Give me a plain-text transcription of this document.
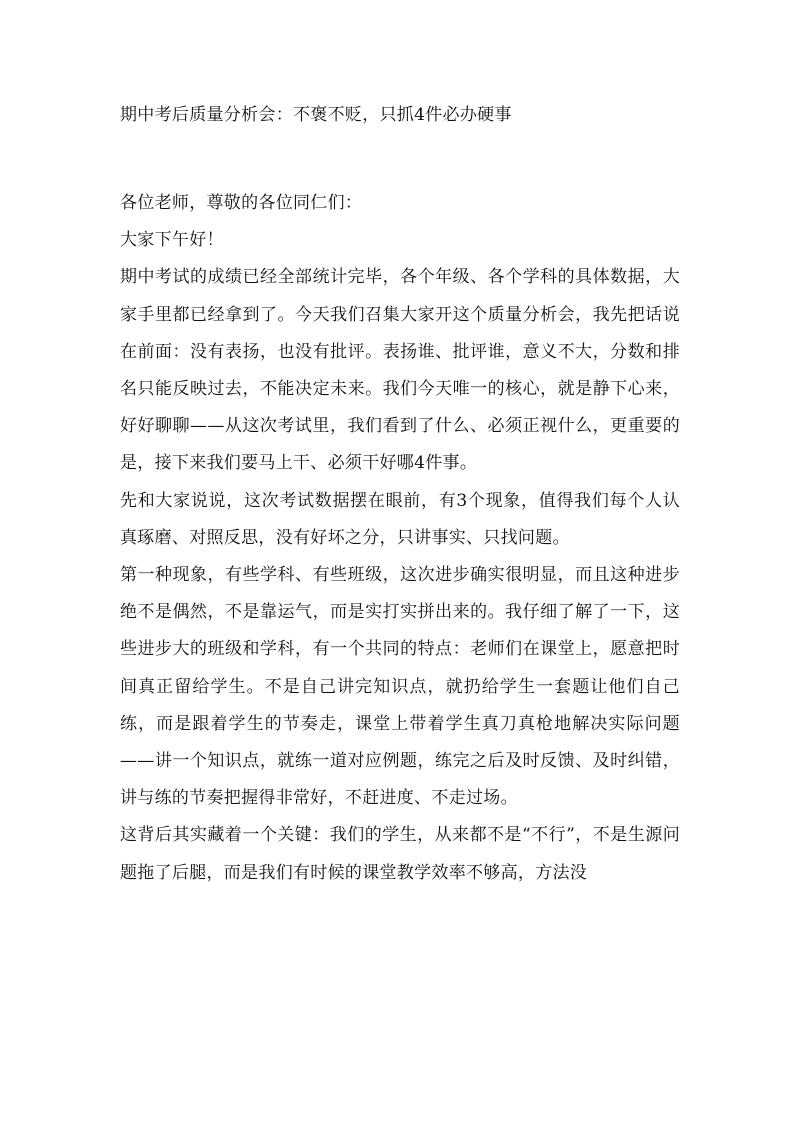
期中考后质量分析会：不褒不贬，只抓4件必办硬事

各位老师，尊敬的各位同仁们：

大家下午好！

期中考试的成绩已经全部统计完毕，各个年级、各个学科的具体数据，大家手里都已经拿到了。今天我们召集大家开这个质量分析会，我先把话说在前面：没有表扬，也没有批评。表扬谁、批评谁，意义不大，分数和排名只能反映过去，不能决定未来。我们今天唯一的核心，就是静下心来，好好聊聊——从这次考试里，我们看到了什么、必须正视什么，更重要的是，接下来我们要马上干、必须干好哪4件事。

先和大家说说，这次考试数据摆在眼前，有3个现象，值得我们每个人认真琢磨、对照反思，没有好坏之分，只讲事实、只找问题。

第一种现象，有些学科、有些班级，这次进步确实很明显，而且这种进步绝不是偶然，不是靠运气，而是实打实拼出来的。我仔细了解了一下，这些进步大的班级和学科，有一个共同的特点：老师们在课堂上，愿意把时间真正留给学生。不是自己讲完知识点，就扔给学生一套题让他们自己练，而是跟着学生的节奏走，课堂上带着学生真刀真枪地解决实际问题——讲一个知识点，就练一道对应例题，练完之后及时反馈、及时纠错，讲与练的节奏把握得非常好，不赶进度、不走过场。

这背后其实藏着一个关键：我们的学生，从来都不是“不行”，不是生源问题拖了后腿，而是我们有时候的课堂教学效率不够高，方法没
